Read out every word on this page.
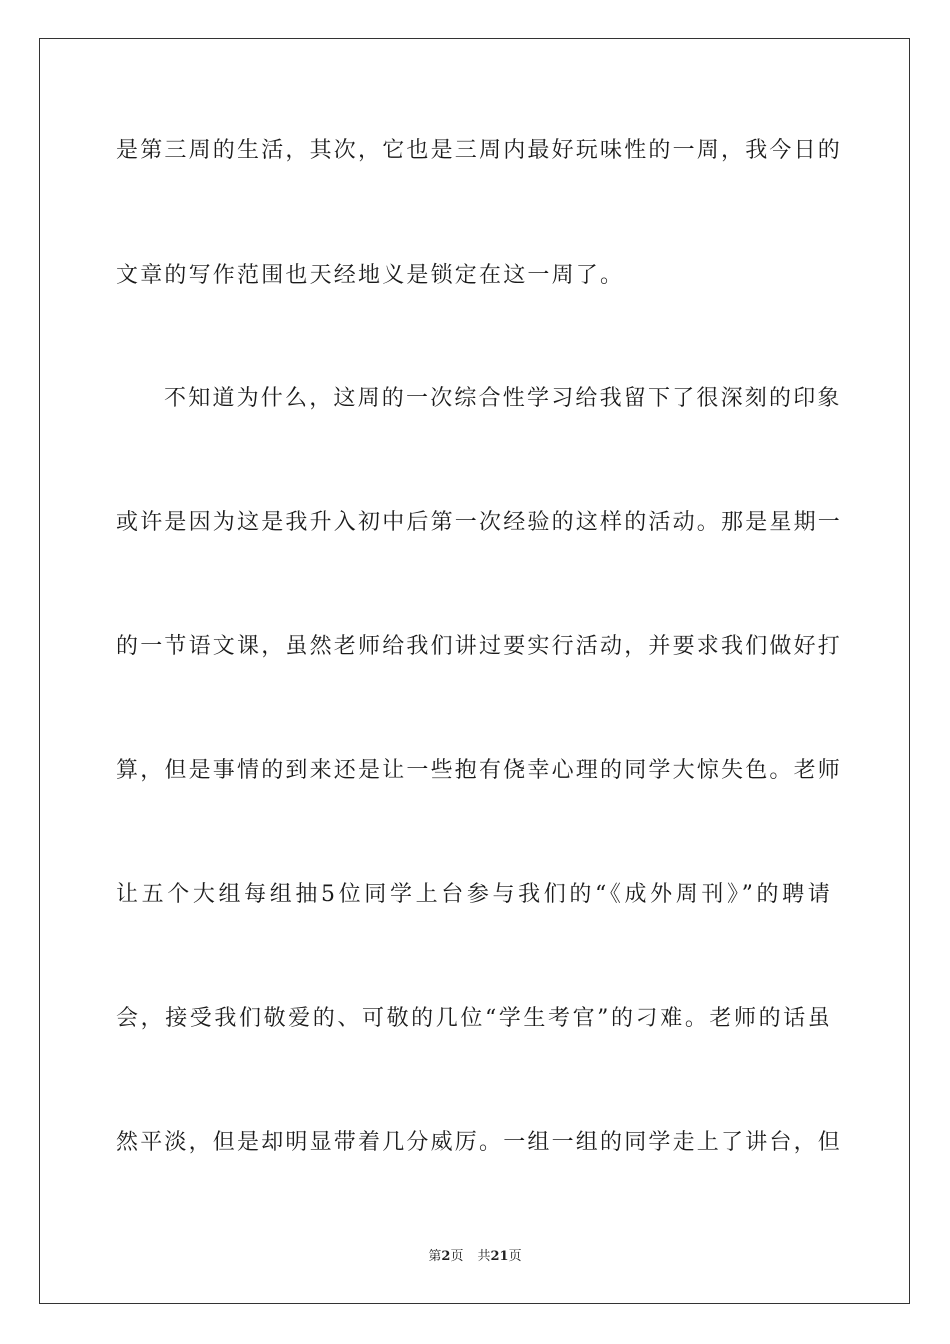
是第三周的生活，其次，它也是三周内最好玩味性的一周，我今日的
文章的写作范围也天经地义是锁定在这一周了。
不知道为什么，这周的一次综合性学习给我留下了很深刻的印象
或许是因为这是我升入初中后第一次经验的这样的活动。那是星期一
的一节语文课，虽然老师给我们讲过要实行活动，并要求我们做好打
算，但是事情的到来还是让一些抱有侥幸心理的同学大惊失色。老师
让五个大组每组抽5位同学上台参与我们的“《成外周刊》”的聘请
会，接受我们敬爱的、可敬的几位“学生考官”的刁难。老师的话虽
然平淡，但是却明显带着几分威厉。一组一组的同学走上了讲台，但
第2页 共21页
